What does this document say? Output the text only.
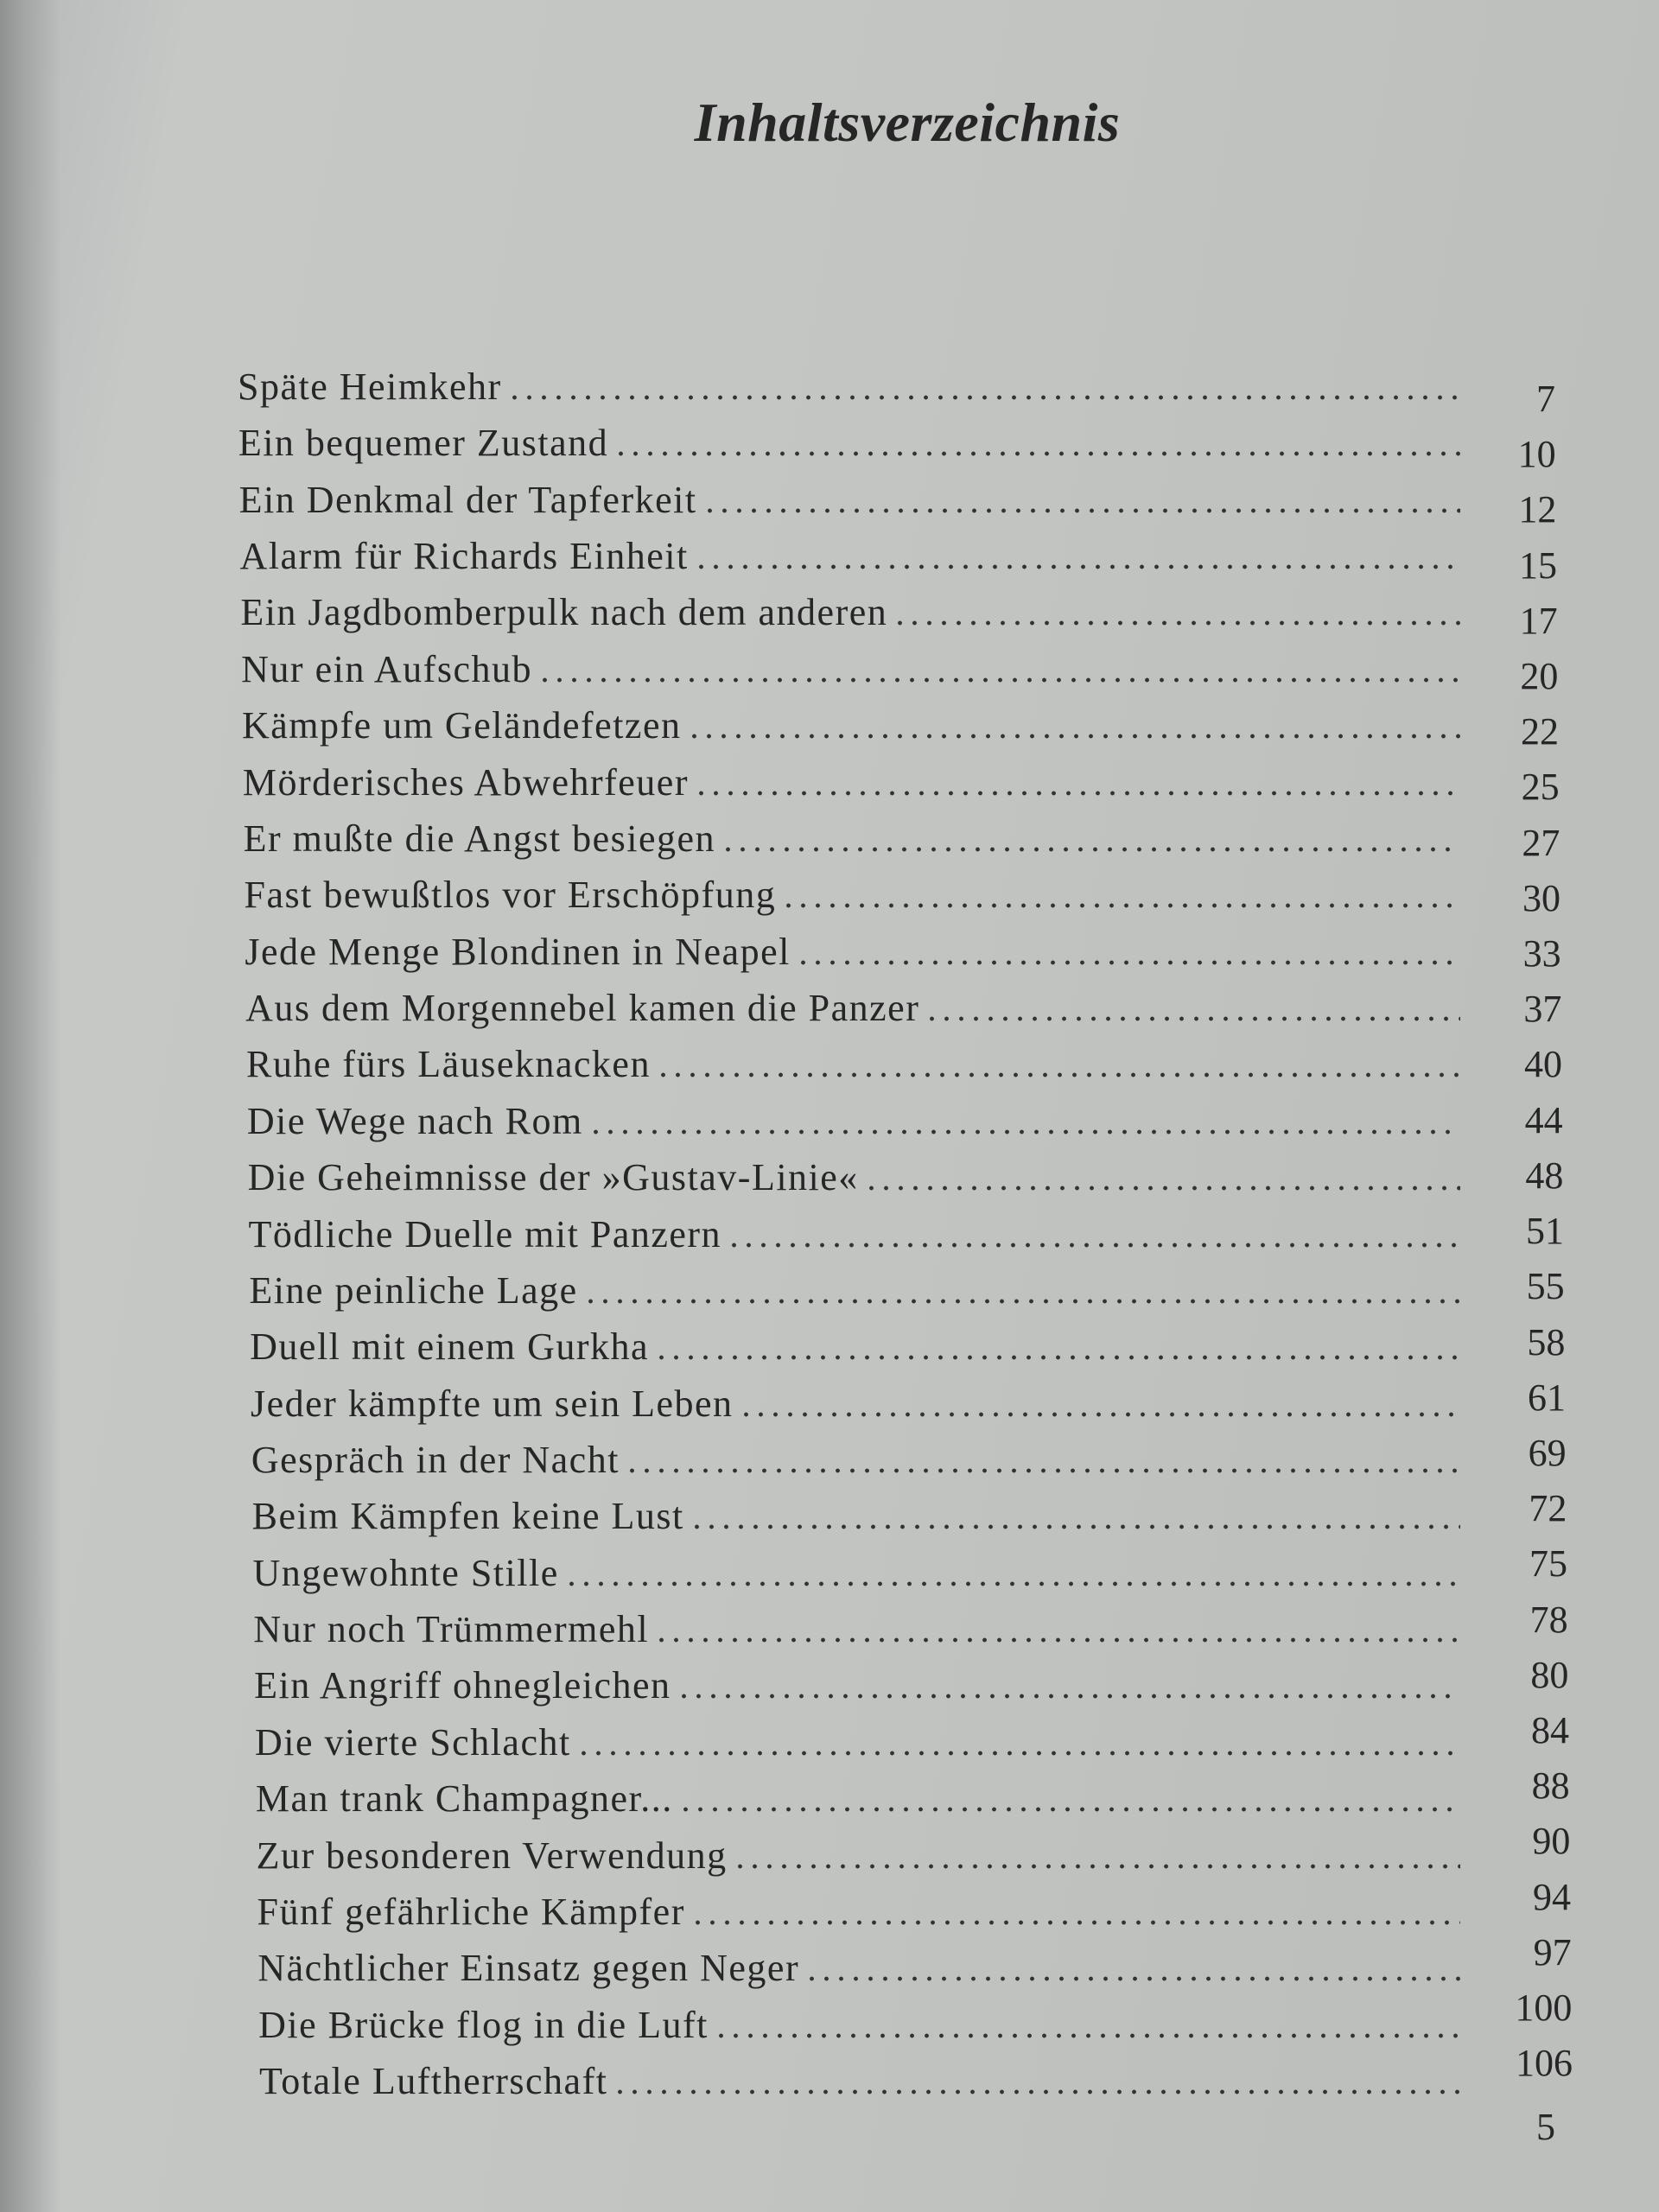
Inhaltsverzeichnis
Späte Heimkehr	7
Ein bequemer Zustand	10
Ein Denkmal der Tapferkeit	12
Alarm für Richards Einheit	15
Ein Jagdbomberpulk nach dem anderen	17
Nur ein Aufschub	20
Kämpfe um Geländefetzen	22
Mörderisches Abwehrfeuer	25
Er mußte die Angst besiegen	27
Fast bewußtlos vor Erschöpfung	30
Jede Menge Blondinen in Neapel	33
Aus dem Morgennebel kamen die Panzer	37
Ruhe fürs Läuseknacken	40
Die Wege nach Rom	44
Die Geheimnisse der »Gustav-Linie«	48
Tödliche Duelle mit Panzern	51
Eine peinliche Lage	55
Duell mit einem Gurkha	58
Jeder kämpfte um sein Leben	61
Gespräch in der Nacht	69
Beim Kämpfen keine Lust	72
Ungewohnte Stille	75
Nur noch Trümmermehl	78
Ein Angriff ohnegleichen	80
Die vierte Schlacht	84
Man trank Champagner...	88
Zur besonderen Verwendung	90
Fünf gefährliche Kämpfer	94
Nächtlicher Einsatz gegen Neger	97
Die Brücke flog in die Luft	100
Totale Luftherrschaft	106
5
